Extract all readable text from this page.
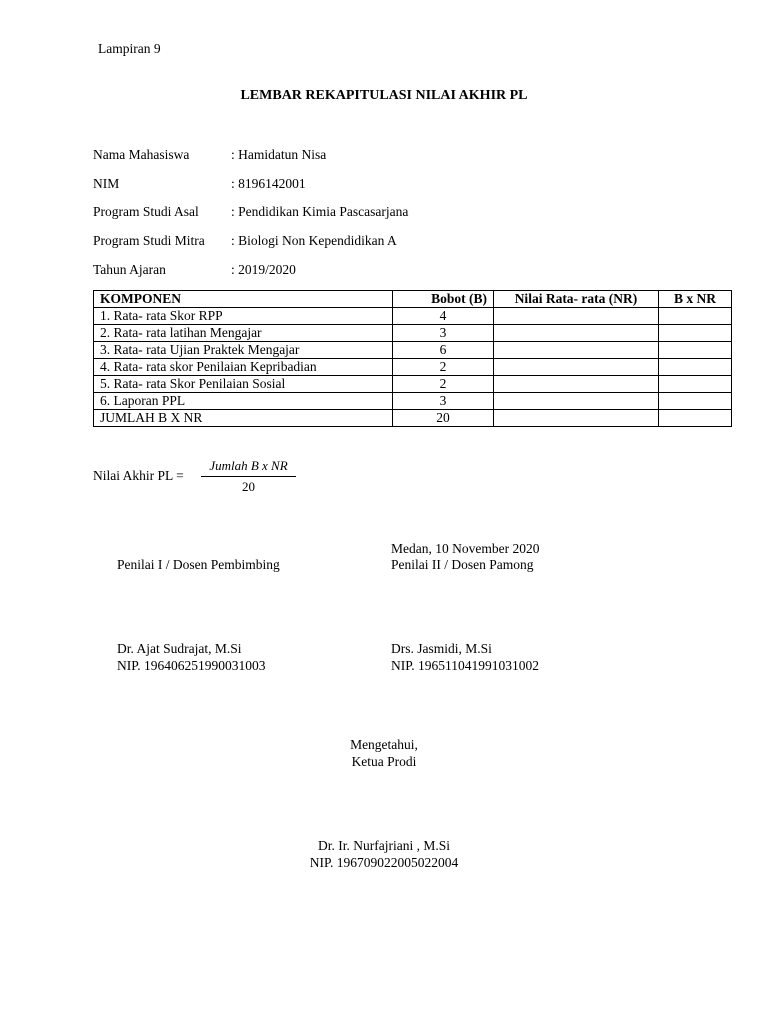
Lampiran 9
LEMBAR REKAPITULASI NILAI AKHIR PL
Nama Mahasiswa	: Hamidatun Nisa
NIM	: 8196142001
Program Studi Asal : Pendidikan Kimia Pascasarjana
Program Studi Mitra : Biologi Non Kependidikan A
Tahun Ajaran	: 2019/2020
KOMPONEN	Bobot (B)	Nilai Rata- rata (NR)	B x NR
1. Rata- rata Skor RPP	4		
2. Rata- rata latihan Mengajar	3		
3. Rata- rata Ujian Praktek Mengajar	6		
4. Rata- rata skor Penilaian Kepribadian	2		
5. Rata- rata Skor Penilaian Sosial	2		
6. Laporan PPL	3		
JUMLAH B X NR	20		
Nilai Akhir PL =
Jumlah B x NR
20
Medan, 10 November 2020
Penilai I / Dosen Pembimbing	Penilai II / Dosen Pamong
Dr. Ajat Sudrajat, M.Si	Drs. Jasmidi, M.Si
NIP. 196406251990031003	NIP. 196511041991031002
Mengetahui,
Ketua Prodi
Dr. Ir. Nurfajriani , M.Si
NIP. 196709022005022004
